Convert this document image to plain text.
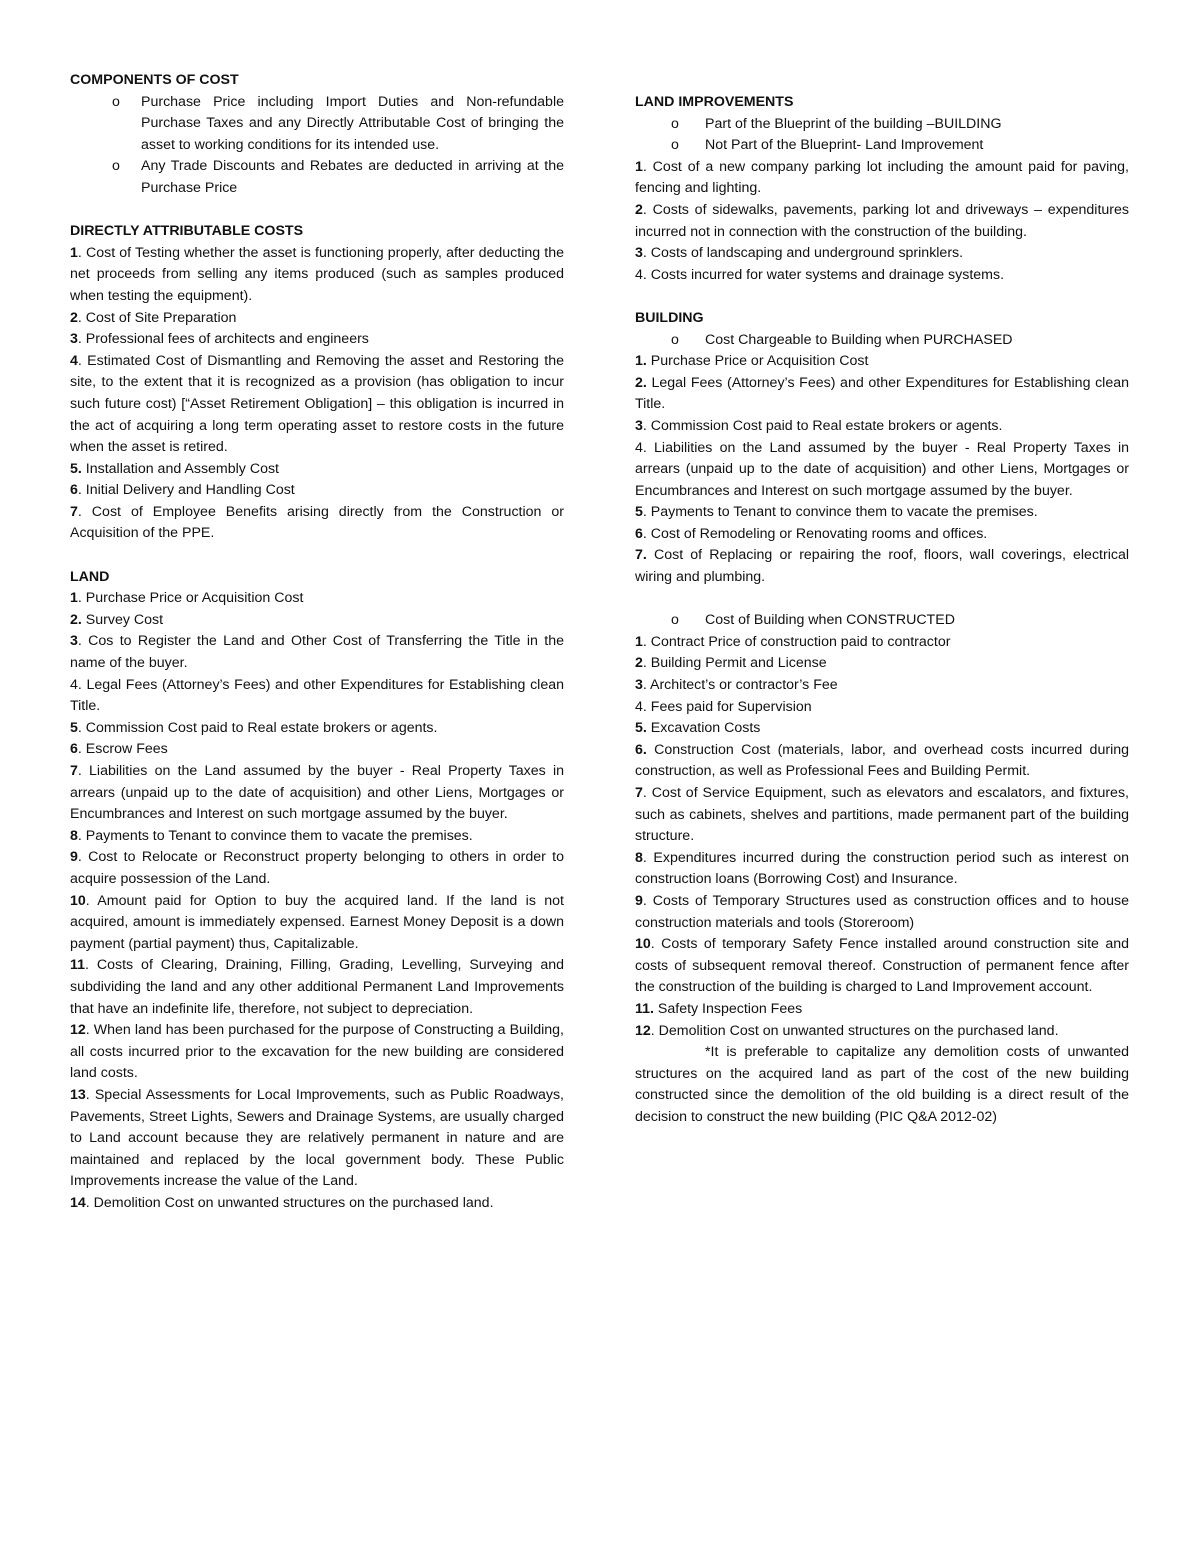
COMPONENTS OF COST

o Purchase Price including Import Duties and Non-refundable Purchase Taxes and any Directly Attributable Cost of bringing the asset to working conditions for its intended use.

o Any Trade Discounts and Rebates are deducted in arriving at the Purchase Price

DIRECTLY ATTRIBUTABLE COSTS

1. Cost of Testing whether the asset is functioning properly, after deducting the net proceeds from selling any items produced (such as samples produced when testing the equipment).

2. Cost of Site Preparation

3. Professional fees of architects and engineers

4. Estimated Cost of Dismantling and Removing the asset and Restoring the site, to the extent that it is recognized as a provision (has obligation to incur such future cost) [“Asset Retirement Obligation] – this obligation is incurred in the act of acquiring a long term operating asset to restore costs in the future when the asset is retired.

5. Installation and Assembly Cost

6. Initial Delivery and Handling Cost

7. Cost of Employee Benefits arising directly from the Construction or Acquisition of the PPE.

LAND

1. Purchase Price or Acquisition Cost

2. Survey Cost

3. Cos to Register the Land and Other Cost of Transferring the Title in the name of the buyer.

4. Legal Fees (Attorney’s Fees) and other Expenditures for Establishing clean Title.

5. Commission Cost paid to Real estate brokers or agents.

6. Escrow Fees

7. Liabilities on the Land assumed by the buyer - Real Property Taxes in arrears (unpaid up to the date of acquisition) and other Liens, Mortgages or Encumbrances and Interest on such mortgage assumed by the buyer.

8. Payments to Tenant to convince them to vacate the premises.

9. Cost to Relocate or Reconstruct property belonging to others in order to acquire possession of the Land.

10. Amount paid for Option to buy the acquired land. If the land is not acquired, amount is immediately expensed. Earnest Money Deposit is a down payment (partial payment) thus, Capitalizable.

11. Costs of Clearing, Draining, Filling, Grading, Levelling, Surveying and subdividing the land and any other additional Permanent Land Improvements that have an indefinite life, therefore, not subject to depreciation.

12. When land has been purchased for the purpose of Constructing a Building, all costs incurred prior to the excavation for the new building are considered land costs.

13. Special Assessments for Local Improvements, such as Public Roadways, Pavements, Street Lights, Sewers and Drainage Systems, are usually charged to Land account because they are relatively permanent in nature and are maintained and replaced by the local government body. These Public Improvements increase the value of the Land.

14. Demolition Cost on unwanted structures on the purchased land.

LAND IMPROVEMENTS

o Part of the Blueprint of the building –BUILDING

o Not Part of the Blueprint- Land Improvement

1. Cost of a new company parking lot including the amount paid for paving, fencing and lighting.

2. Costs of sidewalks, pavements, parking lot and driveways – expenditures incurred not in connection with the construction of the building.

3. Costs of landscaping and underground sprinklers.

4. Costs incurred for water systems and drainage systems.

BUILDING

o Cost Chargeable to Building when PURCHASED

1. Purchase Price or Acquisition Cost

2. Legal Fees (Attorney’s Fees) and other Expenditures for Establishing clean Title.

3. Commission Cost paid to Real estate brokers or agents.

4. Liabilities on the Land assumed by the buyer - Real Property Taxes in arrears (unpaid up to the date of acquisition) and other Liens, Mortgages or Encumbrances and Interest on such mortgage assumed by the buyer.

5. Payments to Tenant to convince them to vacate the premises.

6. Cost of Remodeling or Renovating rooms and offices.

7. Cost of Replacing or repairing the roof, floors, wall coverings, electrical wiring and plumbing.

o Cost of Building when CONSTRUCTED

1. Contract Price of construction paid to contractor

2. Building Permit and License

3. Architect’s or contractor’s Fee

4. Fees paid for Supervision

5. Excavation Costs

6. Construction Cost (materials, labor, and overhead costs incurred during construction, as well as Professional Fees and Building Permit.

7. Cost of Service Equipment, such as elevators and escalators, and fixtures, such as cabinets, shelves and partitions, made permanent part of the building structure.

8. Expenditures incurred during the construction period such as interest on construction loans (Borrowing Cost) and Insurance.

9. Costs of Temporary Structures used as construction offices and to house construction materials and tools (Storeroom)

10. Costs of temporary Safety Fence installed around construction site and costs of subsequent removal thereof. Construction of permanent fence after the construction of the building is charged to Land Improvement account.

11. Safety Inspection Fees

12. Demolition Cost on unwanted structures on the purchased land.

*It is preferable to capitalize any demolition costs of unwanted structures on the acquired land as part of the cost of the new building constructed since the demolition of the old building is a direct result of the decision to construct the new building (PIC Q&A 2012-02)
